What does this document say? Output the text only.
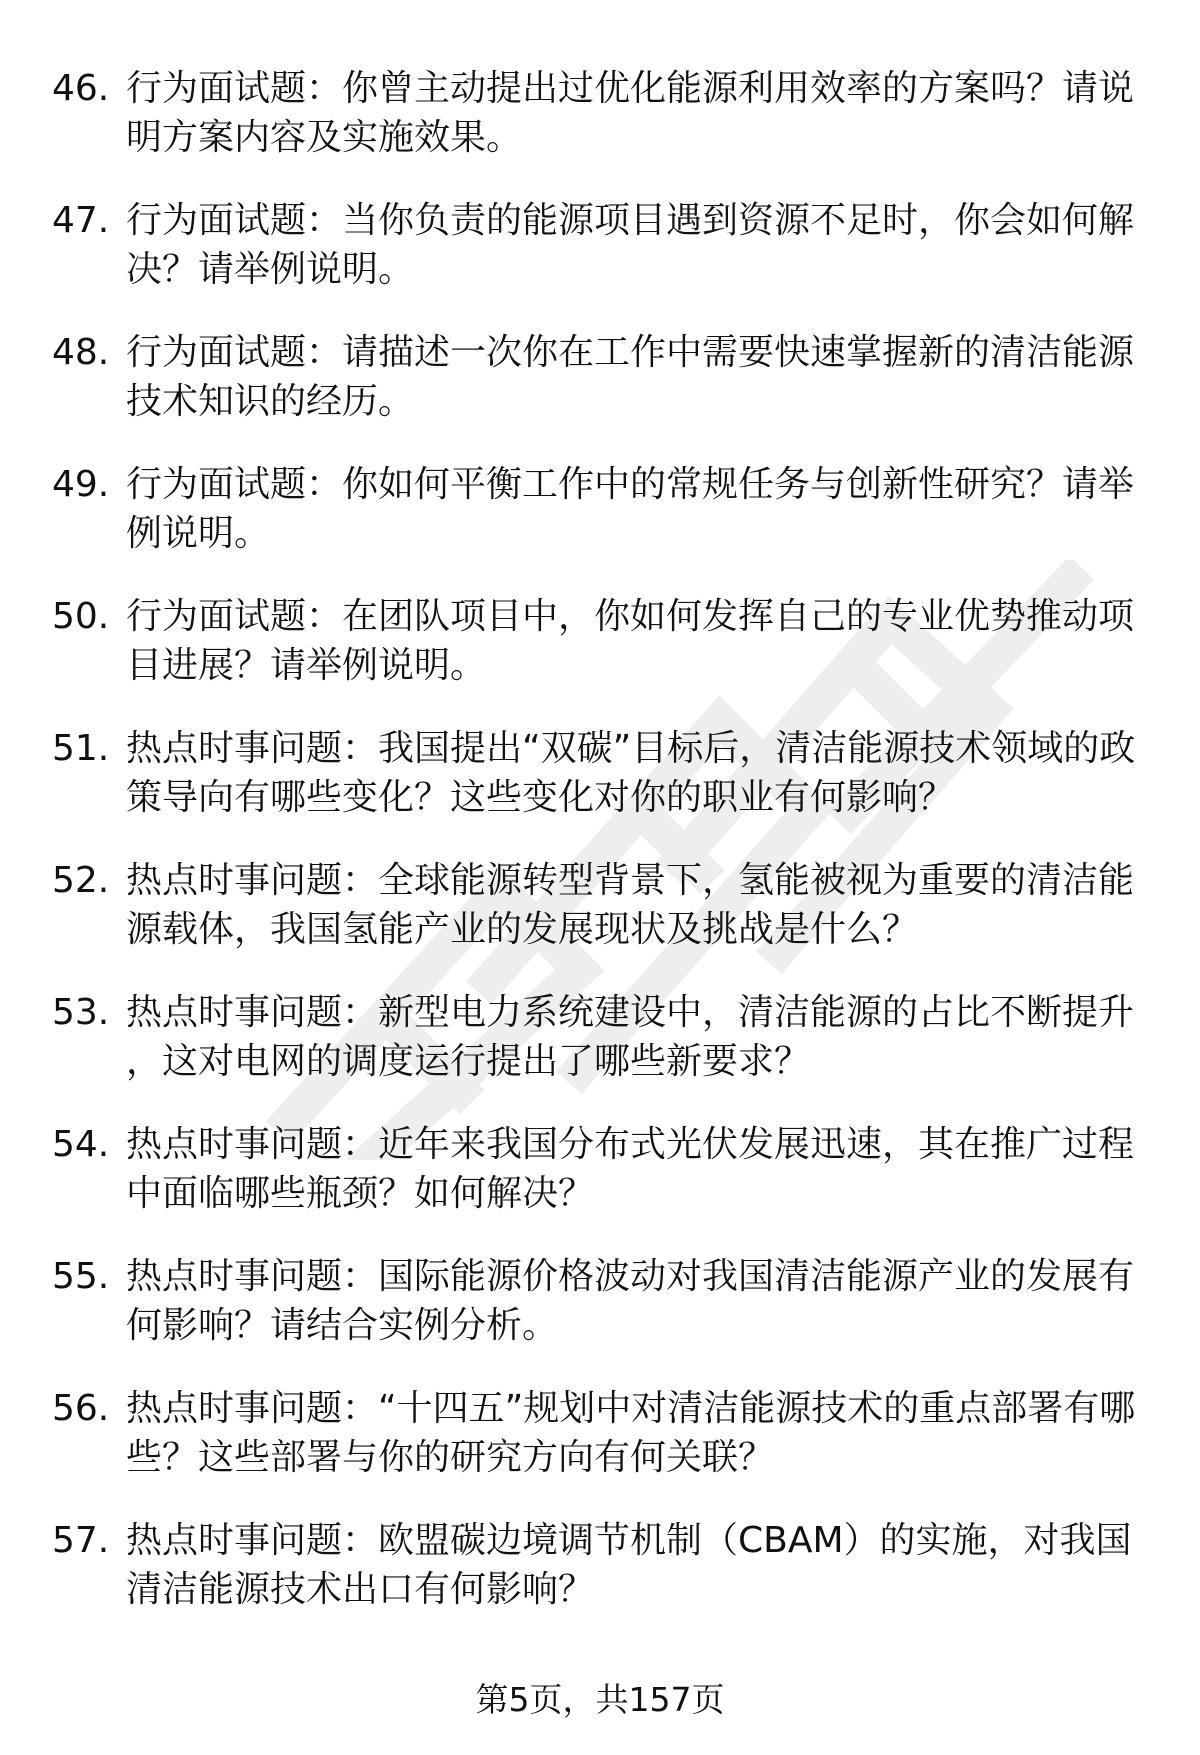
46. 行为面试题：你曾主动提出过优化能源利用效率的方案吗？请说明方案内容及实施效果。
47. 行为面试题：当你负责的能源项目遇到资源不足时，你会如何解决？请举例说明。
48. 行为面试题：请描述一次你在工作中需要快速掌握新的清洁能源技术知识的经历。
49. 行为面试题：你如何平衡工作中的常规任务与创新性研究？请举例说明。
50. 行为面试题：在团队项目中，你如何发挥自己的专业优势推动项目进展？请举例说明。
51. 热点时事问题：我国提出“双碳”目标后，清洁能源技术领域的政策导向有哪些变化？这些变化对你的职业有何影响？
52. 热点时事问题：全球能源转型背景下，氢能被视为重要的清洁能源载体，我国氢能产业的发展现状及挑战是什么？
53. 热点时事问题：新型电力系统建设中，清洁能源的占比不断提升，这对电网的调度运行提出了哪些新要求？
54. 热点时事问题：近年来我国分布式光伏发展迅速，其在推广过程中面临哪些瓶颈？如何解决？
55. 热点时事问题：国际能源价格波动对我国清洁能源产业的发展有何影响？请结合实例分析。
56. 热点时事问题：“十四五”规划中对清洁能源技术的重点部署有哪些？这些部署与你的研究方向有何关联？
57. 热点时事问题：欧盟碳边境调节机制（CBAM）的实施，对我国清洁能源技术出口有何影响？
第5页，共157页
